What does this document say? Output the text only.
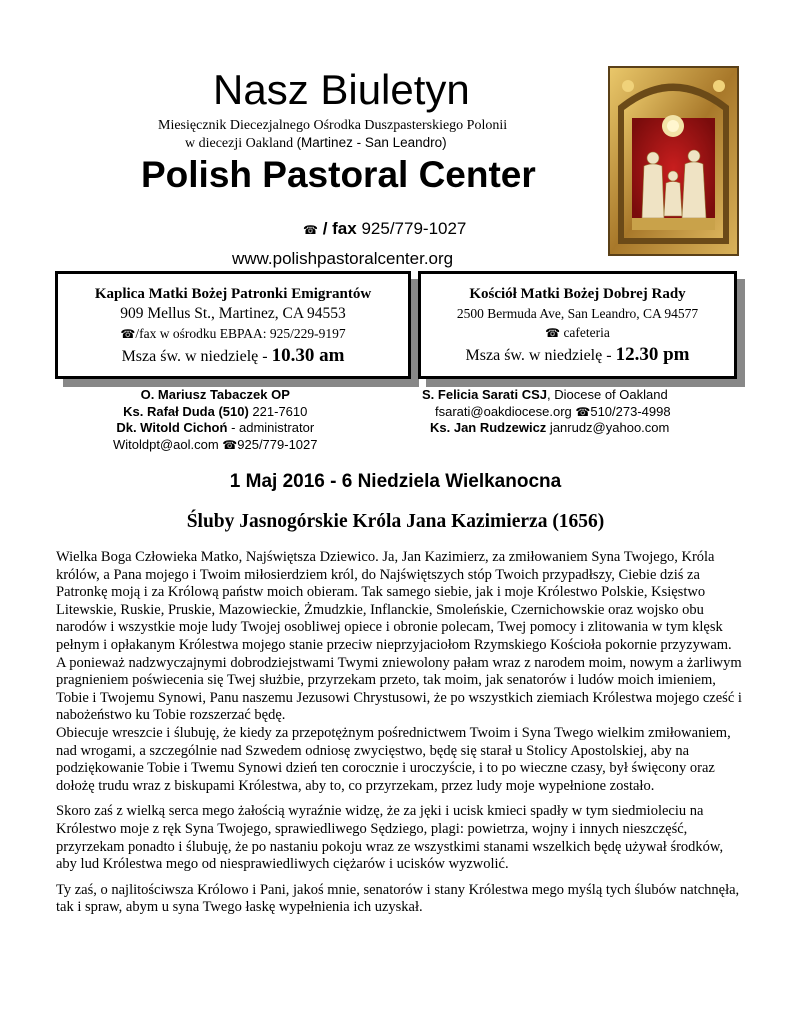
Nasz Biuletyn
Miesięcznik Diecezjalnego Ośrodka Duszpasterskiego Polonii
w diecezji Oakland (Martinez - San Leandro)
Polish Pastoral Center
☎ / fax 925/779-1027
www.polishpastoralcenter.org
Kaplica Matki Bożej Patronki Emigrantów
909 Mellus St., Martinez, CA 94553
☎/fax w ośrodku EBPAA: 925/229-9197
Msza św. w niedzielę - 10.30 am
Kościół Matki Bożej Dobrej Rady
2500 Bermuda Ave, San Leandro, CA 94577
☎ cafeteria
Msza św. w niedzielę - 12.30 pm
O. Mariusz Tabaczek OP
Ks. Rafał Duda (510) 221-7610
Dk. Witold Cichoń - administrator
Witoldpt@aol.com ☎925/779-1027
S. Felicia Sarati CSJ, Diocese of Oakland
fsarati@oakdiocese.org ☎510/273-4998
Ks. Jan Rudzewicz janrudz@yahoo.com
1 Maj 2016 - 6 Niedziela Wielkanocna
Śluby Jasnogórskie Króla Jana Kazimierza (1656)

Wielka Boga Człowieka Matko, Najświętsza Dziewico. Ja, Jan Kazimierz, za zmiłowaniem Syna Twojego, Króla królów, a Pana mojego i Twoim miłosierdziem król, do Najświętszych stóp Twoich przypadłszy, Ciebie dziś za Patronkę moją i za Królową państw moich obieram. Tak samego siebie, jak i moje Królestwo Polskie, Księstwo Litewskie, Ruskie, Pruskie, Mazowieckie, Żmudzkie, Inflanckie, Smoleńskie, Czernichowskie oraz wojsko obu narodów i wszystkie moje ludy Twojej osobliwej opiece i obronie polecam, Twej pomocy i zlitowania w tym klęsk pełnym i opłakanym Królestwa mojego stanie przeciw nieprzyjaciołom Rzymskiego Kościoła pokornie przyzywam.

A ponieważ nadzwyczajnymi dobrodziejstwami Twymi zniewolony pałam wraz z narodem moim, nowym a żarliwym pragnieniem poświecenia się Twej służbie, przyrzekam przeto, tak moim, jak senatorów i ludów moich imieniem, Tobie i Twojemu Synowi, Panu naszemu Jezusowi Chrystusowi, że po wszystkich ziemiach Królestwa mojego cześć i nabożeństwo ku Tobie rozszerzać będę.

Obiecuje wreszcie i ślubuję, że kiedy za przepotężnym pośrednictwem Twoim i Syna Twego wielkim zmiłowaniem, nad wrogami, a szczególnie nad Szwedem odniosę zwycięstwo, będę się starał u Stolicy Apostolskiej, aby na podziękowanie Tobie i Twemu Synowi dzień ten corocznie i uroczyście, i to po wieczne czasy, był święcony oraz dołożę trudu wraz z biskupami Królestwa, aby to, co przyrzekam, przez ludy moje wypełnione zostało.

Skoro zaś z wielką serca mego żałością wyraźnie widzę, że za jęki i ucisk kmieci spadły w tym siedmioleciu na Królestwo moje z ręk Syna Twojego, sprawiedliwego Sędziego, plagi: powietrza, wojny i innych nieszczęść, przyrzekam ponadto i ślubuję, że po nastaniu pokoju wraz ze wszystkimi stanami wszelkich będę używał środków, aby lud Królestwa mego od niesprawiedliwych ciężarów i ucisków wyzwolić.

Ty zaś, o najlitościwsza Królowo i Pani, jakoś mnie, senatorów i stany Królestwa mego myślą tych ślubów natchnęła, tak i spraw, abym u syna Twego łaskę wypełnienia ich uzyskał.
